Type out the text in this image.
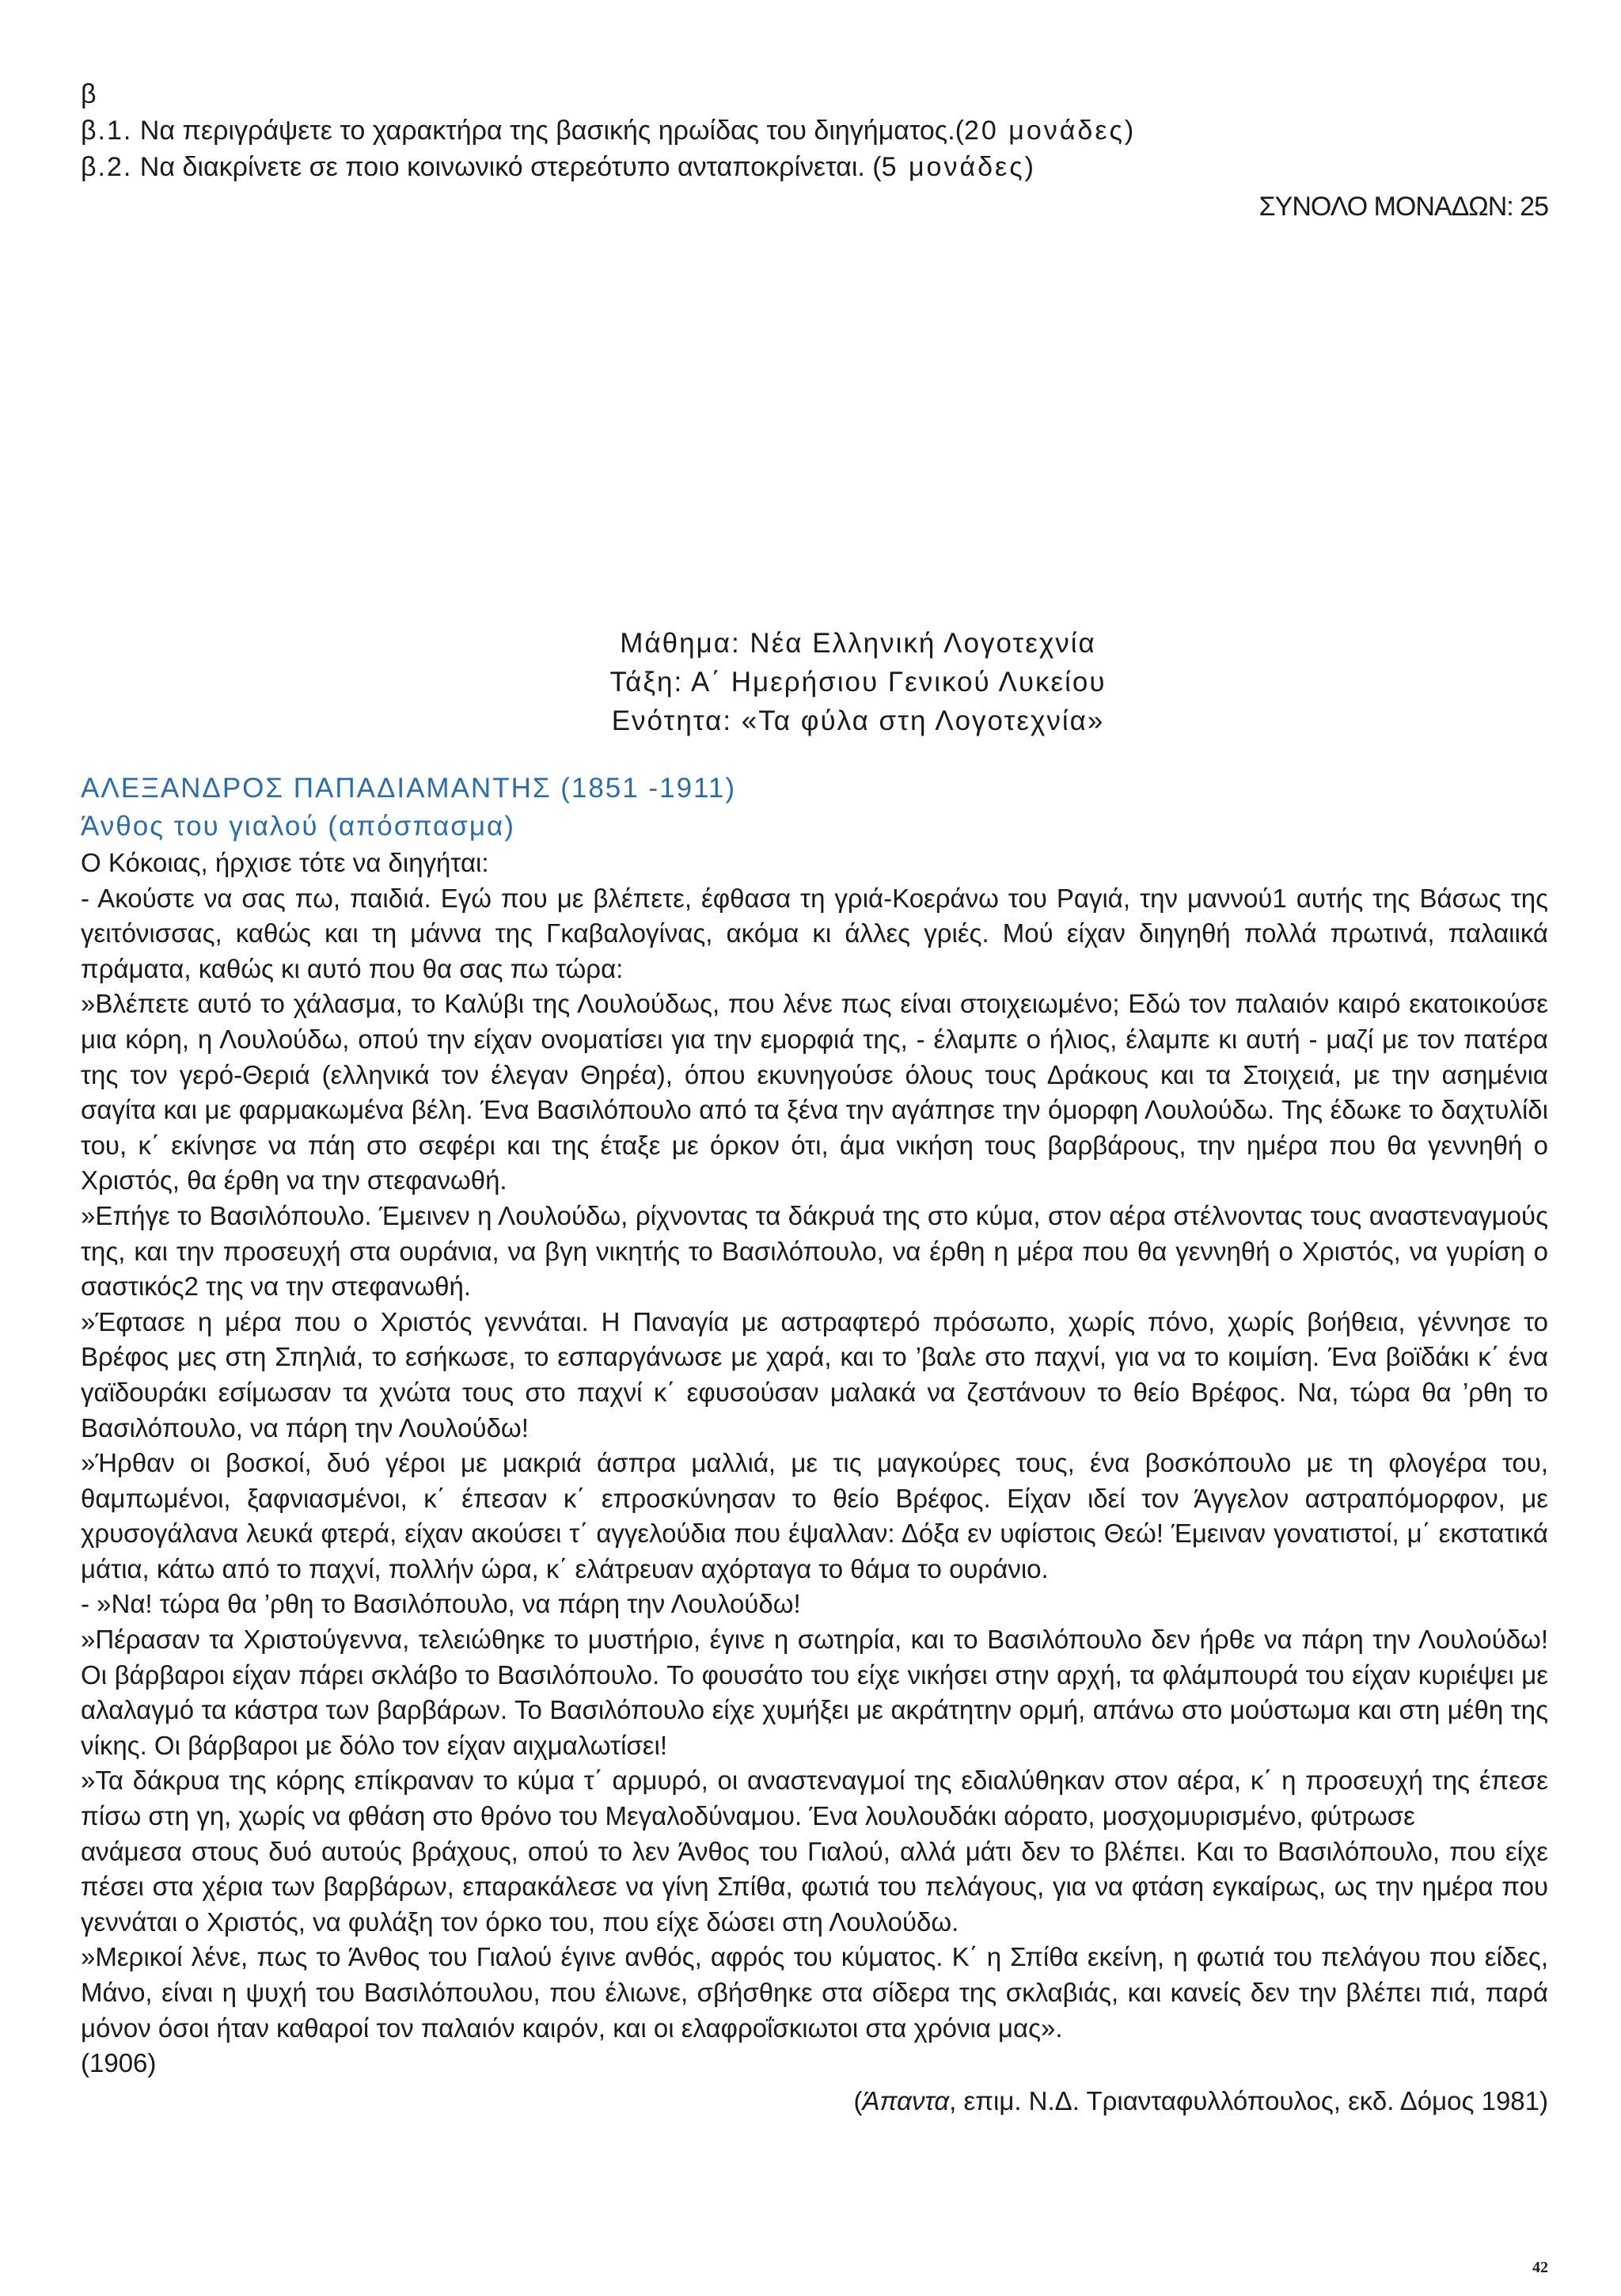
β
β.1. Να περιγράψετε το χαρακτήρα της βασικής ηρωίδας του διηγήματος.(20 μονάδες)
β.2. Να διακρίνετε σε ποιο κοινωνικό στερεότυπο ανταποκρίνεται. (5 μονάδες)
ΣΥΝΟΛΟ ΜΟΝΑΔΩΝ: 25
Μάθημα: Νέα Ελληνική Λογοτεχνία
Τάξη: Α΄ Ημερήσιου Γενικού Λυκείου
Ενότητα: «Τα φύλα στη Λογοτεχνία»
ΑΛΕΞΑΝΔΡΟΣ ΠΑΠΑΔΙΑΜΑΝΤΗΣ (1851 -1911)
Άνθος του γιαλού (απόσπασμα)

Ο Κόκοιας, ήρχισε τότε να διηγήται:

- Ακούστε να σας πω, παιδιά. Εγώ που με βλέπετε, έφθασα τη γριά-Κοεράνω του Ραγιά, την μαννού1 αυτής της Βάσως της γειτόνισσας, καθώς και τη μάννα της Γκαβαλογίνας, ακόμα κι άλλες γριές. Μού είχαν διηγηθή πολλά πρωτινά, παλαιικά πράματα, καθώς κι αυτό που θα σας πω τώρα:

»Βλέπετε αυτό το χάλασμα, το Καλύβι της Λουλούδως, που λένε πως είναι στοιχειωμένο; Εδώ τον παλαιόν καιρό εκατοικούσε μια κόρη, η Λουλούδω, οπού την είχαν ονοματίσει για την εμορφιά της, - έλαμπε ο ήλιος, έλαμπε κι αυτή - μαζί με τον πατέρα της τον γερό-Θεριά (ελληνικά τον έλεγαν Θηρέα), όπου εκυνηγούσε όλους τους Δράκους και τα Στοιχειά, με την ασημένια σαγίτα και με φαρμακωμένα βέλη. Ένα Βασιλόπουλο από τα ξένα την αγάπησε την όμορφη Λουλούδω. Της έδωκε το δαχτυλίδι του, κ΄ εκίνησε να πάη στο σεφέρι και της έταξε με όρκον ότι, άμα νικήση τους βαρβάρους, την ημέρα που θα γεννηθή ο Χριστός, θα έρθη να την στεφανωθή.

»Επήγε το Βασιλόπουλο. Έμεινεν η Λουλούδω, ρίχνοντας τα δάκρυά της στο κύμα, στον αέρα στέλνοντας τους αναστεναγμούς της, και την προσευχή στα ουράνια, να βγη νικητής το Βασιλόπουλο, να έρθη η μέρα που θα γεννηθή ο Χριστός, να γυρίση ο σαστικός2 της να την στεφανωθή.

»Έφτασε η μέρα που ο Χριστός γεννάται. Η Παναγία με αστραφτερό πρόσωπο, χωρίς πόνο, χωρίς βοήθεια, γέννησε το Βρέφος μες στη Σπηλιά, το εσήκωσε, το εσπαργάνωσε με χαρά, και το ’βαλε στο παχνί, για να το κοιμίση. Ένα βοϊδάκι κ΄ ένα γαϊδουράκι εσίμωσαν τα χνώτα τους στο παχνί κ΄ εφυσούσαν μαλακά να ζεστάνουν το θείο Βρέφος. Να, τώρα θα ’ρθη το Βασιλόπουλο, να πάρη την Λουλούδω!

»Ήρθαν οι βοσκοί, δυό γέροι με μακριά άσπρα μαλλιά, με τις μαγκούρες τους, ένα βοσκόπουλο με τη φλογέρα του, θαμπωμένοι, ξαφνιασμένοι, κ΄ έπεσαν κ΄ επροσκύνησαν το θείο Βρέφος. Είχαν ιδεί τον Άγγελον αστραπόμορφον, με χρυσογάλανα λευκά φτερά, είχαν ακούσει τ΄ αγγελούδια που έψαλλαν: Δόξα εν υφίστοις Θεώ! Έμειναν γονατιστοί, μ΄ εκστατικά μάτια, κάτω από το παχνί, πολλήν ώρα, κ΄ ελάτρευαν αχόρταγα το θάμα το ουράνιο.

- »Να! τώρα θα ’ρθη το Βασιλόπουλο, να πάρη την Λουλούδω!

»Πέρασαν τα Χριστούγεννα, τελειώθηκε το μυστήριο, έγινε η σωτηρία, και το Βασιλόπουλο δεν ήρθε να πάρη την Λουλούδω! Οι βάρβαροι είχαν πάρει σκλάβο το Βασιλόπουλο. Το φουσάτο του είχε νικήσει στην αρχή, τα φλάμπουρά του είχαν κυριέψει με αλαλαγμό τα κάστρα των βαρβάρων. Το Βασιλόπουλο είχε χυμήξει με ακράτητην ορμή, απάνω στο μούστωμα και στη μέθη της νίκης. Οι βάρβαροι με δόλο τον είχαν αιχμαλωτίσει!

»Τα δάκρυα της κόρης επίκραναν το κύμα τ΄ αρμυρό, οι αναστεναγμοί της εδιαλύθηκαν στον αέρα, κ΄ η προσευχή της έπεσε πίσω στη γη, χωρίς να φθάση στο θρόνο του Μεγαλοδύναμου. Ένα λουλουδάκι αόρατο, μοσχομυρισμένο, φύτρωσε

ανάμεσα στους δυό αυτούς βράχους, οπού το λεν Άνθος του Γιαλού, αλλά μάτι δεν το βλέπει. Και το Βασιλόπουλο, που είχε πέσει στα χέρια των βαρβάρων, επαρακάλεσε να γίνη Σπίθα, φωτιά του πελάγους, για να φτάση εγκαίρως, ως την ημέρα που γεννάται ο Χριστός, να φυλάξη τον όρκο του, που είχε δώσει στη Λουλούδω.

»Μερικοί λένε, πως το Άνθος του Γιαλού έγινε ανθός, αφρός του κύματος. Κ΄ η Σπίθα εκείνη, η φωτιά του πελάγου που είδες, Μάνο, είναι η ψυχή του Βασιλόπουλου, που έλιωνε, σβήσθηκε στα σίδερα της σκλαβιάς, και κανείς δεν την βλέπει πιά, παρά μόνον όσοι ήταν καθαροί τον παλαιόν καιρόν, και οι ελαφροΐσκιωτοι στα χρόνια μας».

(1906)

(Άπαντα, επιμ. Ν.Δ. Τριανταφυλλόπουλος, εκδ. Δόμος 1981)
42
